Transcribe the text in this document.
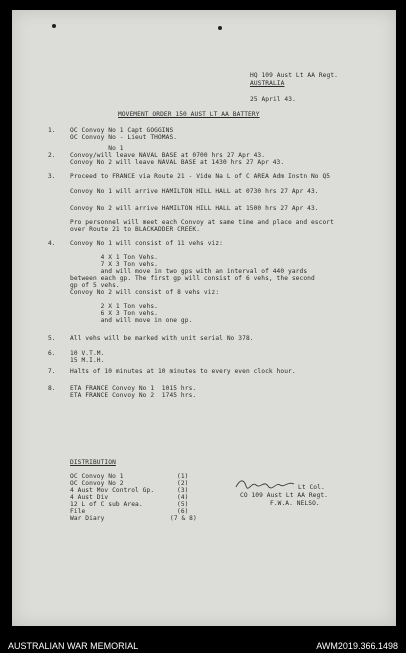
HQ 109 Aust Lt AA Regt.
AUSTRALIA
25 April 43.
MOVEMENT ORDER 150 AUST LT AA BATTERY
1. OC Convoy No 1 Capt GOGGINS
OC Convoy No - Lieut THOMAS.
2.
No 1
Convoy/will leave NAVAL BASE at 0700 hrs 27 Apr 43.
Convoy No 2 will leave NAVAL BASE at 1430 hrs 27 Apr 43.
3. Proceed to FRANCE via Route 21 - Vide Na L of C AREA Adm Instn No Q5
Convoy No 1 will arrive HAMILTON HILL HALL at 0730 hrs 27 Apr 43.
Convoy No 2 will arrive HAMILTON HILL HALL at 1500 hrs 27 Apr 43.
Pro personnel will meet each Convoy at same time and place and escort
over Route 21 to BLACKADDER CREEK.
4. Convoy No 1 will consist of 11 vehs viz:
4 X 1 Ton Vehs.
7 X 3 Ton vehs.
and will move in two gps with an interval of 440 yards
between each gp. The first gp will consist of 6 vehs, the second
gp of 5 vehs.
Convoy No 2 will consist of 8 vehs viz:
2 X 1 Ton vehs.
6 X 3 Ton vehs.
and will move in one gp.
5. All vehs will be marked with unit serial No 378.
6. 10 V.T.M.
15 M.I.H.
7. Halts of 10 minutes at 10 minutes to every even clock hour.
8. ETA FRANCE Convoy No 1  1015 hrs.
ETA FRANCE Convoy No 2  1745 hrs.
DISTRIBUTION
OC Convoy No 1	(1)
OC Convoy No 2	(2)
4 Aust Mov Control Gp.	(3)
4 Aust Div	(4)
12 L of C sub Area.	(5)
File	(6)
War Diary	(7 & 8)
Lt Col.
CO 109 Aust Lt AA Regt.
F.W.A. NELSO.
AUSTRALIAN WAR MEMORIAL	AWM2019.366.1498
